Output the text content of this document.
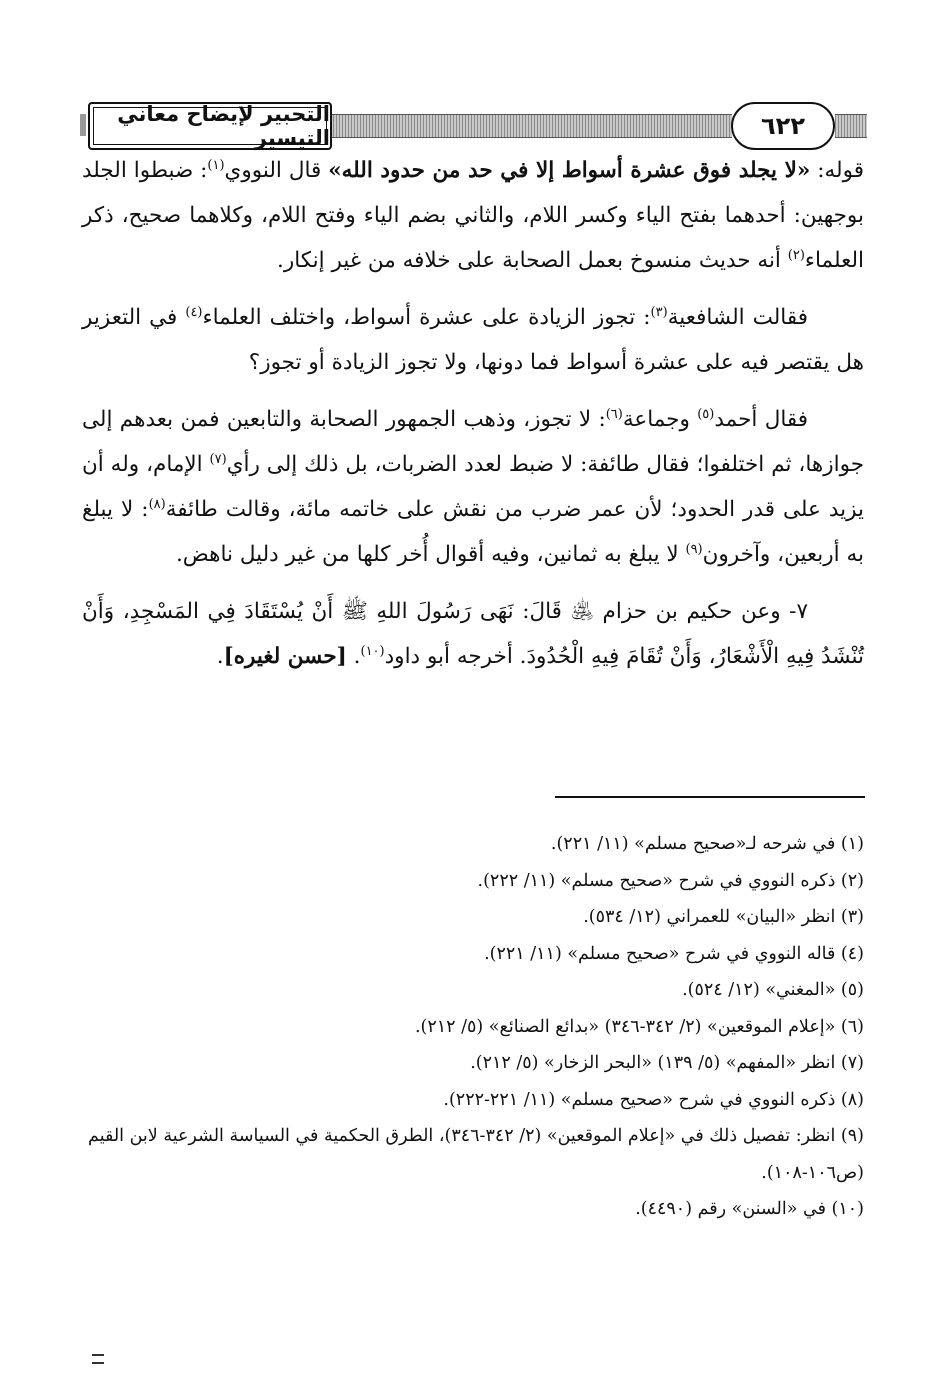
التحبير لإيضاح معاني التيسير	٦٢٢

قوله: «لا يجلد فوق عشرة أسواط إلا في حد من حدود الله» قال النووي$^{(١)}$: ضبطوا الجلد بوجهين: أحدهما بفتح الياء وكسر اللام، والثاني بضم الياء وفتح اللام، وكلاهما صحيح، ذكر العلماء$^{(٢)}$ أنه حديث منسوخ بعمل الصحابة على خلافه من غير إنكار.

فقالت الشافعية$^{(٣)}$: تجوز الزيادة على عشرة أسواط، واختلف العلماء$^{(٤)}$ في التعزير هل يقتصر فيه على عشرة أسواط فما دونها، ولا تجوز الزيادة أو تجوز؟

فقال أحمد$^{(٥)}$ وجماعة$^{(٦)}$: لا تجوز، وذهب الجمهور الصحابة والتابعين فمن بعدهم إلى جوازها، ثم اختلفوا؛ فقال طائفة: لا ضبط لعدد الضربات، بل ذلك إلى رأي$^{(٧)}$ الإمام، وله أن يزيد على قدر الحدود؛ لأن عمر ضرب من نقش على خاتمه مائة، وقالت طائفة$^{(٨)}$: لا يبلغ به أربعين، وآخرون$^{(٩)}$ لا يبلغ به ثمانين، وفيه أقوال أُخر كلها من غير دليل ناهض.

٧- وعن حكيم بن حزام ﵁ قَالَ: نَهَى رَسُولَ اللهِ ﷺ أَنْ يُسْتَقَادَ فِي المَسْجِدِ، وَأَنْ تُنْشَدُ فِيهِ الْأَشْعَارُ، وَأَنْ تُقَامَ فِيهِ الْحُدُودَ. أخرجه أبو داود$^{(١٠)}$. [حسن لغيره].

(١) في شرحه لـ«صحيح مسلم» (١١/ ٢٢١).
(٢) ذكره النووي في شرح «صحيح مسلم» (١١/ ٢٢٢).
(٣) انظر «البيان» للعمراني (١٢/ ٥٣٤).
(٤) قاله النووي في شرح «صحيح مسلم» (١١/ ٢٢١).
(٥) «المغني» (١٢/ ٥٢٤).
(٦) «إعلام الموقعين» (٢/ ٣٤٢-٣٤٦) «بدائع الصنائع» (٥/ ٢١٢).
(٧) انظر «المفهم» (٥/ ١٣٩) «البحر الزخار» (٥/ ٢١٢).
(٨) ذكره النووي في شرح «صحيح مسلم» (١١/ ٢٢١-٢٢٢).
(٩) انظر: تفصيل ذلك في «إعلام الموقعين» (٢/ ٣٤٢-٣٤٦)، الطرق الحكمية في السياسة الشرعية لابن القيم (ص١٠٦-١٠٨).
(١٠) في «السنن» رقم (٤٤٩٠).
